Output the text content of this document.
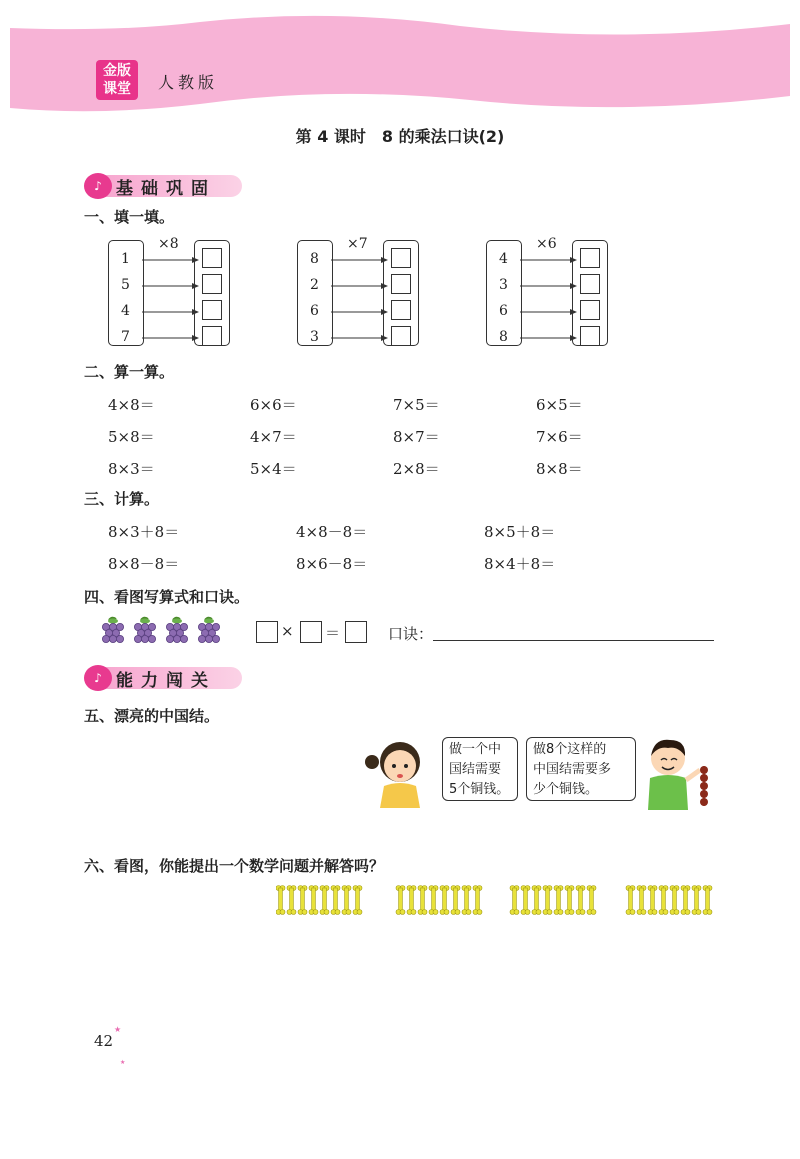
金版
课堂	人教版
第 4 课时　8 的乘法口诀(2)
♪ 基础巩固
一、填一填。
×8
1
5
4
7
×7
8
2
6
3
×6
4
3
6
8
二、算一算。
4×8＝	6×6＝	7×5＝	6×5＝
5×8＝	4×7＝	8×7＝	7×6＝
8×3＝	5×4＝	2×8＝	8×8＝
三、计算。
8×3＋8＝	4×8－8＝	8×5＋8＝
8×8－8＝	8×6－8＝	8×4＋8＝
四、看图写算式和口诀。
× ＝	口诀：
♪ 能力闯关
五、漂亮的中国结。
做一个中
国结需要
5个铜钱。
做8个这样的
中国结需要多
少个铜钱。
六、看图，你能提出一个数学问题并解答吗？
★
★
42
